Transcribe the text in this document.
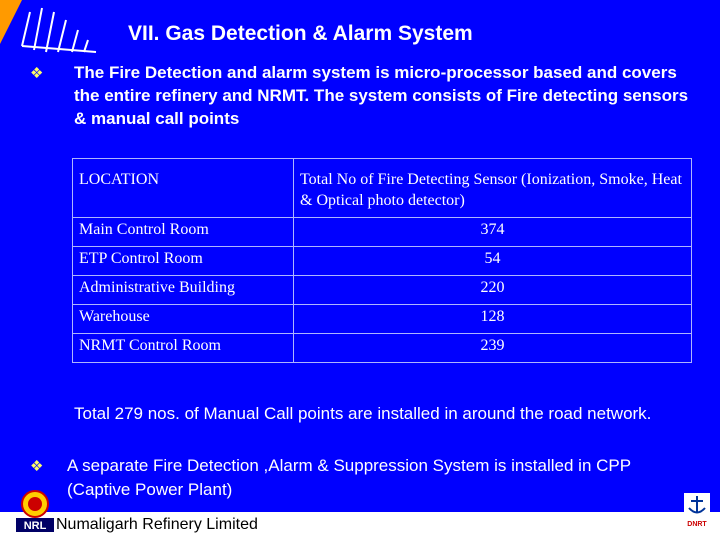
VII. Gas Detection & Alarm System
❖ The Fire Detection and alarm system is micro-processor based and covers the entire refinery and NRMT. The system consists of Fire detecting sensors & manual call points
LOCATION	Total No of Fire Detecting Sensor (Ionization, Smoke, Heat & Optical photo detector)
Main Control Room	374
ETP Control Room	54
Administrative Building	220
Warehouse	128
NRMT Control Room	239
Total 279 nos. of Manual Call points are installed in around the road network.
❖ A separate Fire Detection ,Alarm & Suppression System is installed in CPP (Captive Power Plant)
NRL Numaligarh Refinery Limited	DNRT
